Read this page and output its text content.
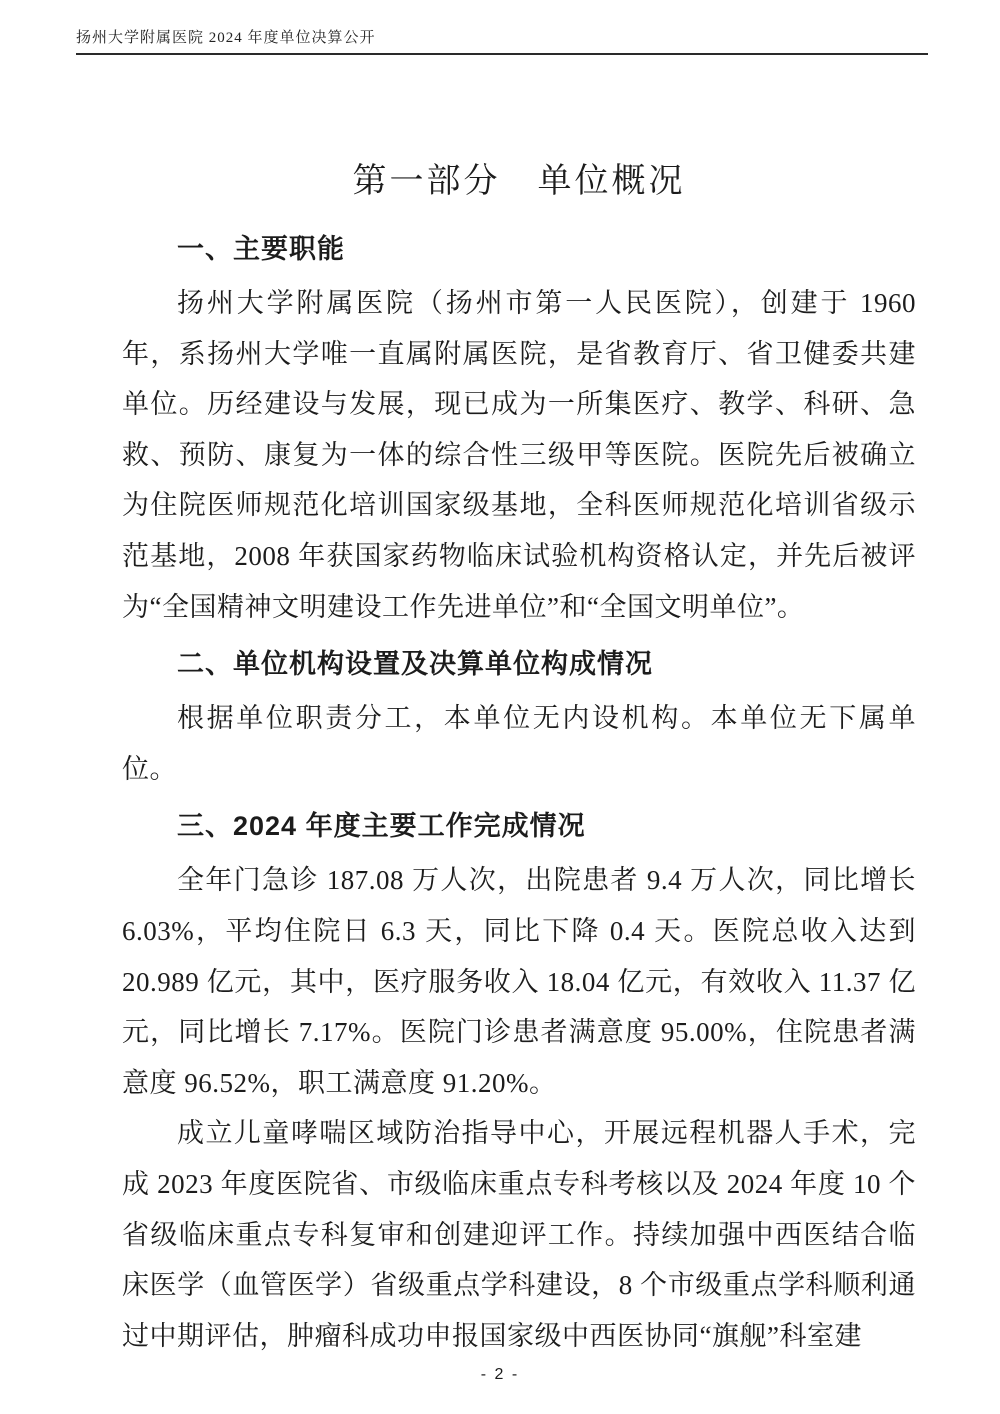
扬州大学附属医院 2024 年度单位决算公开
第一部分　单位概况
一、主要职能

扬州大学附属医院（扬州市第一人民医院），创建于 1960 年，系扬州大学唯一直属附属医院，是省教育厅、省卫健委共建单位。历经建设与发展，现已成为一所集医疗、教学、科研、急救、预防、康复为一体的综合性三级甲等医院。医院先后被确立为住院医师规范化培训国家级基地，全科医师规范化培训省级示范基地，2008 年获国家药物临床试验机构资格认定，并先后被评为“全国精神文明建设工作先进单位”和“全国文明单位”。

二、单位机构设置及决算单位构成情况

根据单位职责分工，本单位无内设机构。本单位无下属单位。

三、2024 年度主要工作完成情况

全年门急诊 187.08 万人次，出院患者 9.4 万人次，同比增长 6.03%，平均住院日 6.3 天，同比下降 0.4 天。医院总收入达到 20.989 亿元，其中，医疗服务收入 18.04 亿元，有效收入 11.37 亿元，同比增长 7.17%。医院门诊患者满意度 95.00%，住院患者满意度 96.52%，职工满意度 91.20%。

成立儿童哮喘区域防治指导中心，开展远程机器人手术，完成 2023 年度医院省、市级临床重点专科考核以及 2024 年度 10 个省级临床重点专科复审和创建迎评工作。持续加强中西医结合临床医学（血管医学）省级重点学科建设，8 个市级重点学科顺利通过中期评估，肿瘤科成功申报国家级中西医协同“旗舰”科室建

- 2 -
